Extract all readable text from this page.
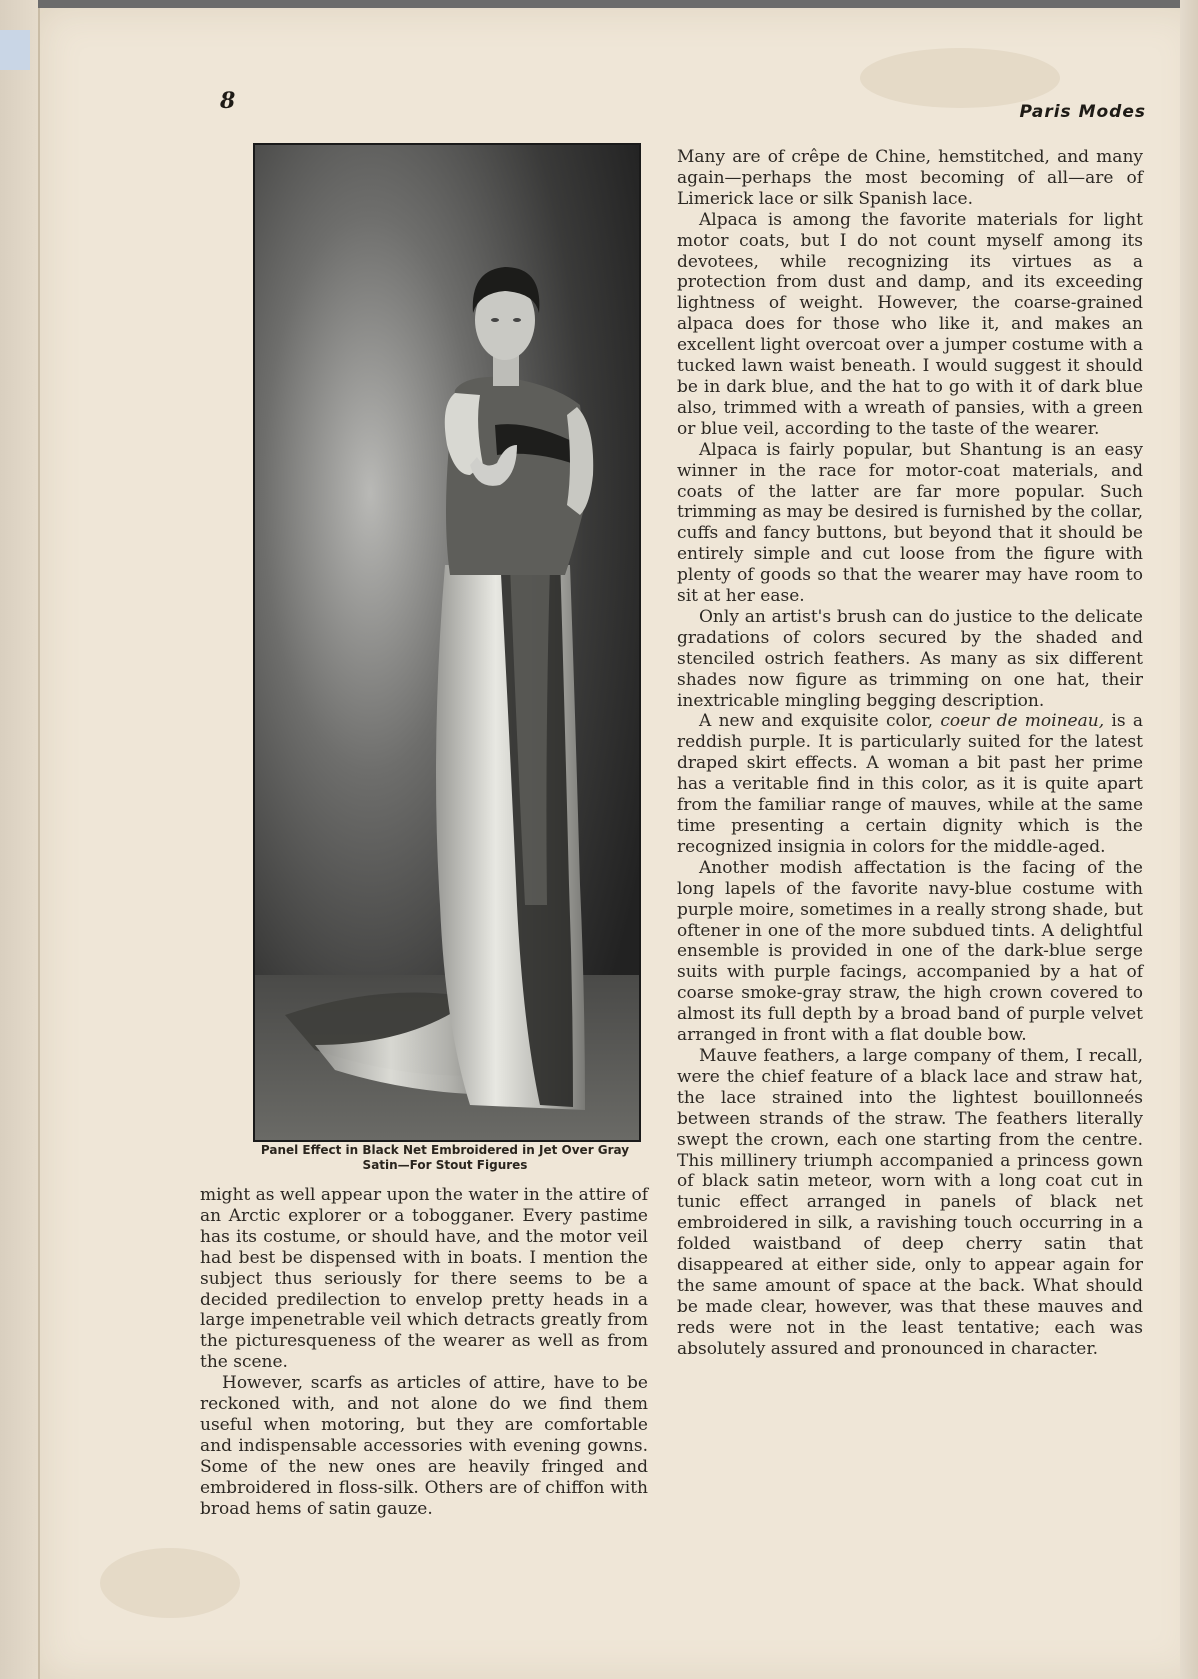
8	Paris Modes
Panel Effect in Black Net Embroidered in Jet Over Gray
Satin—For Stout Figures

might as well appear upon the water in the attire of an Arctic explorer or a tobogganer. Every pastime has its costume, or should have, and the motor veil had best be dispensed with in boats. I mention the subject thus seriously for there seems to be a decided predilection to envelop pretty heads in a large impenetrable veil which detracts greatly from the picturesqueness of the wearer as well as from the scene.

However, scarfs as articles of attire, have to be reckoned with, and not alone do we find them useful when motoring, but they are comfortable and indispensable accessories with evening gowns. Some of the new ones are heavily fringed and embroidered in floss-silk. Others are of chiffon with broad hems of satin gauze.

Many are of crêpe de Chine, hemstitched, and many again—perhaps the most becoming of all—are of Limerick lace or silk Spanish lace.

Alpaca is among the favorite materials for light motor coats, but I do not count myself among its devotees, while recognizing its virtues as a protection from dust and damp, and its exceeding lightness of weight. However, the coarse-grained alpaca does for those who like it, and makes an excellent light overcoat over a jumper costume with a tucked lawn waist beneath. I would suggest it should be in dark blue, and the hat to go with it of dark blue also, trimmed with a wreath of pansies, with a green or blue veil, according to the taste of the wearer.

Alpaca is fairly popular, but Shantung is an easy winner in the race for motor-coat materials, and coats of the latter are far more popular. Such trimming as may be desired is furnished by the collar, cuffs and fancy buttons, but beyond that it should be entirely simple and cut loose from the figure with plenty of goods so that the wearer may have room to sit at her ease.

Only an artist's brush can do justice to the delicate gradations of colors secured by the shaded and stenciled ostrich feathers. As many as six different shades now figure as trimming on one hat, their inextricable mingling begging description.

A new and exquisite color, coeur de moineau, is a reddish purple. It is particularly suited for the latest draped skirt effects. A woman a bit past her prime has a veritable find in this color, as it is quite apart from the familiar range of mauves, while at the same time presenting a certain dignity which is the recognized insignia in colors for the middle-aged.

Another modish affectation is the facing of the long lapels of the favorite navy-blue costume with purple moire, sometimes in a really strong shade, but oftener in one of the more subdued tints. A delightful ensemble is provided in one of the dark-blue serge suits with purple facings, accompanied by a hat of coarse smoke-gray straw, the high crown covered to almost its full depth by a broad band of purple velvet arranged in front with a flat double bow.

Mauve feathers, a large company of them, I recall, were the chief feature of a black lace and straw hat, the lace strained into the lightest bouillonneés between strands of the straw. The feathers literally swept the crown, each one starting from the centre. This millinery triumph accompanied a princess gown of black satin meteor, worn with a long coat cut in tunic effect arranged in panels of black net embroidered in silk, a ravishing touch occurring in a folded waistband of deep cherry satin that disappeared at either side, only to appear again for the same amount of space at the back. What should be made clear, however, was that these mauves and reds were not in the least tentative; each was absolutely assured and pronounced in character.
